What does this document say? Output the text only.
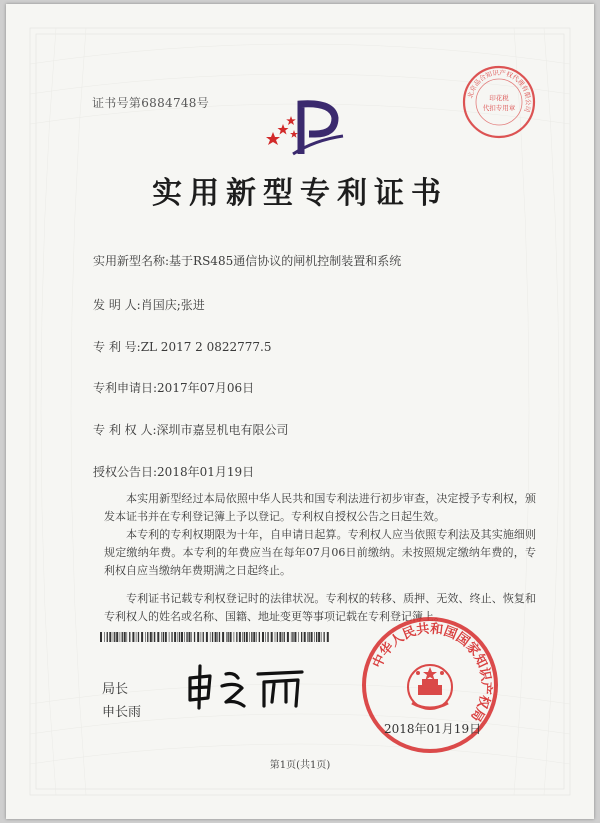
证书号第6884748号
北京品合知识产权代理有限公司
印花税
代扣专用章
实用新型专利证书
实用新型名称:基于RS485通信协议的闸机控制装置和系统
发 明 人:肖国庆;张进
专 利 号:ZL 2017 2 0822777.5
专利申请日:2017年07月06日
专 利 权 人:深圳市嘉昱机电有限公司
授权公告日:2018年01月19日

本实用新型经过本局依照中华人民共和国专利法进行初步审查，决定授予专利权，颁发本证书并在专利登记簿上予以登记。专利权自授权公告之日起生效。

本专利的专利权期限为十年，自申请日起算。专利权人应当依照专利法及其实施细则规定缴纳年费。本专利的年费应当在每年07月06日前缴纳。未按照规定缴纳年费的，专利权自应当缴纳年费期满之日起终止。

专利证书记载专利权登记时的法律状况。专利权的转移、质押、无效、终止、恢复和专利权人的姓名或名称、国籍、地址变更等事项记载在专利登记簿上。

局长
申长雨
中华人民共和国国家知识产权局
2018年01月19日
第1页(共1页)
